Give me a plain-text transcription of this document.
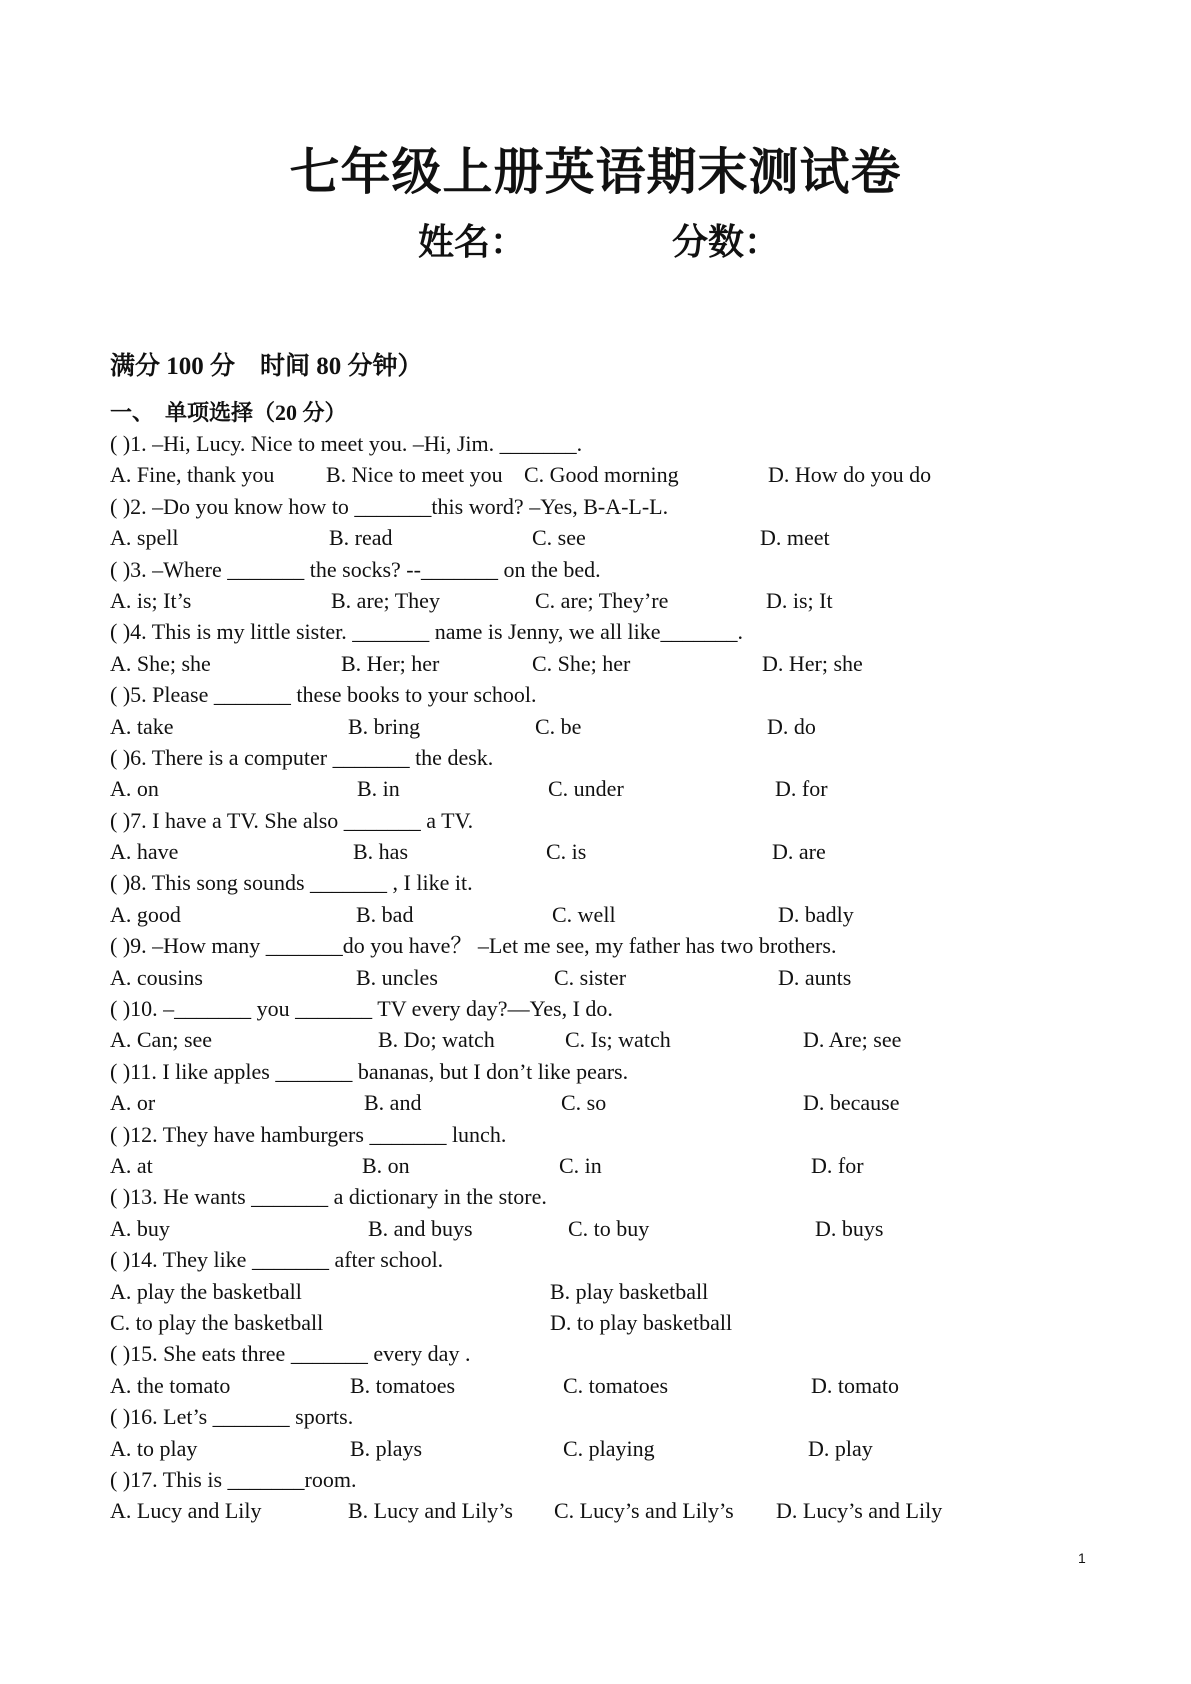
七年级上册英语期末测试卷
姓名：	分数：
满分 100 分　时间 80 分钟）
一、　单项选择（20 分）
( )1. –Hi, Lucy. Nice to meet you. –Hi, Jim. _______.
A. Fine, thank you B. Nice to meet you C. Good morning	D. How do you do
( )2. –Do you know how to _______this word? –Yes, B-A-L-L.
A. spell	B. read	C. see	D. meet
( )3. –Where _______ the socks? --_______ on the bed.
A. is; It’s	B. are; They	C. are; They’re	D. is; It
( )4. This is my little sister. _______ name is Jenny, we all like_______.
A. She; she	B. Her; her	C. She; her	D. Her; she
( )5. Please _______ these books to your school.
A. take	B. bring	C. be	D. do
( )6. There is a computer _______ the desk.
A. on	B. in	C. under	D. for
( )7. I have a TV. She also _______ a TV.
A. have	B. has	C. is	D. are
( )8. This song sounds _______ , I like it.
A. good	B. bad	C. well	D. badly
( )9. –How many _______do you have？ –Let me see, my father has two brothers.
A. cousins	B. uncles	C. sister	D. aunts
( )10. –_______ you _______ TV every day?—Yes, I do.
A. Can; see	B. Do; watch	C. Is; watch	D. Are; see
( )11. I like apples _______ bananas, but I don’t like pears.
A. or	B. and	C. so	D. because
( )12. They have hamburgers _______ lunch.
A. at	B. on	C. in	D. for
( )13. He wants _______ a dictionary in the store.
A. buy	B. and buys	C. to buy	D. buys
( )14. They like _______ after school.
A. play the basketball	B. play basketball
C. to play the basketball	D. to play basketball
( )15. She eats three _______ every day .
A. the tomato	B. tomatoes	C. tomatoes	D. tomato
( )16. Let’s _______ sports.
A. to play	B. plays	C. playing	D. play
( )17. This is _______room.
A. Lucy and Lily	B. Lucy and Lily’s C. Lucy’s and Lily’s D. Lucy’s and Lily
1
